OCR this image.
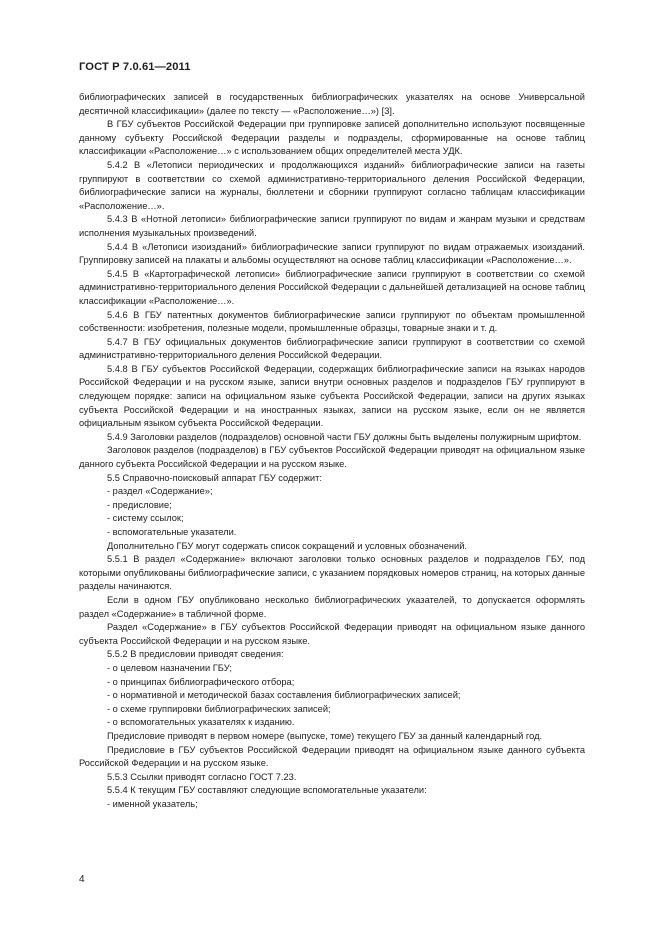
ГОСТ Р 7.0.61—2011

библиографических записей в государственных библиографических указателях на основе Универсальной десятичной классификации» (далее по тексту — «Расположение…») [3].

В ГБУ субъектов Российской Федерации при группировке записей дополнительно используют посвященные данному субъекту Российской Федерации разделы и подразделы, сформированные на основе таблиц классификации «Расположение…» с использованием общих определителей места УДК.

5.4.2 В «Летописи периодических и продолжающихся изданий» библиографические записи на газеты группируют в соответствии со схемой административно-территориального деления Российской Федерации, библиографические записи на журналы, бюллетени и сборники группируют согласно таблицам классификации «Расположение…».

5.4.3 В «Нотной летописи» библиографические записи группируют по видам и жанрам музыки и средствам исполнения музыкальных произведений.

5.4.4 В «Летописи изоизданий» библиографические записи группируют по видам отражаемых изоизданий. Группировку записей на плакаты и альбомы осуществляют на основе таблиц классификации «Расположение…».

5.4.5 В «Картографической летописи» библиографические записи группируют в соответствии со схемой административно-территориального деления Российской Федерации с дальнейшей детализацией на основе таблиц классификации «Расположение…».

5.4.6 В ГБУ патентных документов библиографические записи группируют по объектам промышленной собственности: изобретения, полезные модели, промышленные образцы, товарные знаки и т. д.

5.4.7 В ГБУ официальных документов библиографические записи группируют в соответствии со схемой административно-территориального деления Российской Федерации.

5.4.8 В ГБУ субъектов Российской Федерации, содержащих библиографические записи на языках народов Российской Федерации и на русском языке, записи внутри основных разделов и подразделов ГБУ группируют в следующем порядке: записи на официальном языке субъекта Российской Федерации, записи на других языках субъекта Российской Федерации и на иностранных языках, записи на русском языке, если он не является официальным языком субъекта Российской Федерации.

5.4.9 Заголовки разделов (подразделов) основной части ГБУ должны быть выделены полужирным шрифтом.

Заголовок разделов (подразделов) в ГБУ субъектов Российской Федерации приводят на официальном языке данного субъекта Российской Федерации и на русском языке.

5.5 Справочно-поисковый аппарат ГБУ содержит:

- раздел «Содержание»;

- предисловие;

- систему ссылок;

- вспомогательные указатели.

Дополнительно ГБУ могут содержать список сокращений и условных обозначений.

5.5.1 В раздел «Содержание» включают заголовки только основных разделов и подразделов ГБУ, под которыми опубликованы библиографические записи, с указанием порядковых номеров страниц, на которых данные разделы начинаются.

Если в одном ГБУ опубликовано несколько библиографических указателей, то допускается оформлять раздел «Содержание» в табличной форме.

Раздел «Содержание» в ГБУ субъектов Российской Федерации приводят на официальном языке данного субъекта Российской Федерации и на русском языке.

5.5.2 В предисловии приводят сведения:

- о целевом назначении ГБУ;

- о принципах библиографического отбора;

- о нормативной и методической базах составления библиографических записей;

- о схеме группировки библиографических записей;

- о вспомогательных указателях к изданию.

Предисловие приводят в первом номере (выпуске, томе) текущего ГБУ за данный календарный год.

Предисловие в ГБУ субъектов Российской Федерации приводят на официальном языке данного субъекта Российской Федерации и на русском языке.

5.5.3 Ссылки приводят согласно ГОСТ 7.23.

5.5.4 К текущим ГБУ составляют следующие вспомогательные указатели:

- именной указатель;

4
